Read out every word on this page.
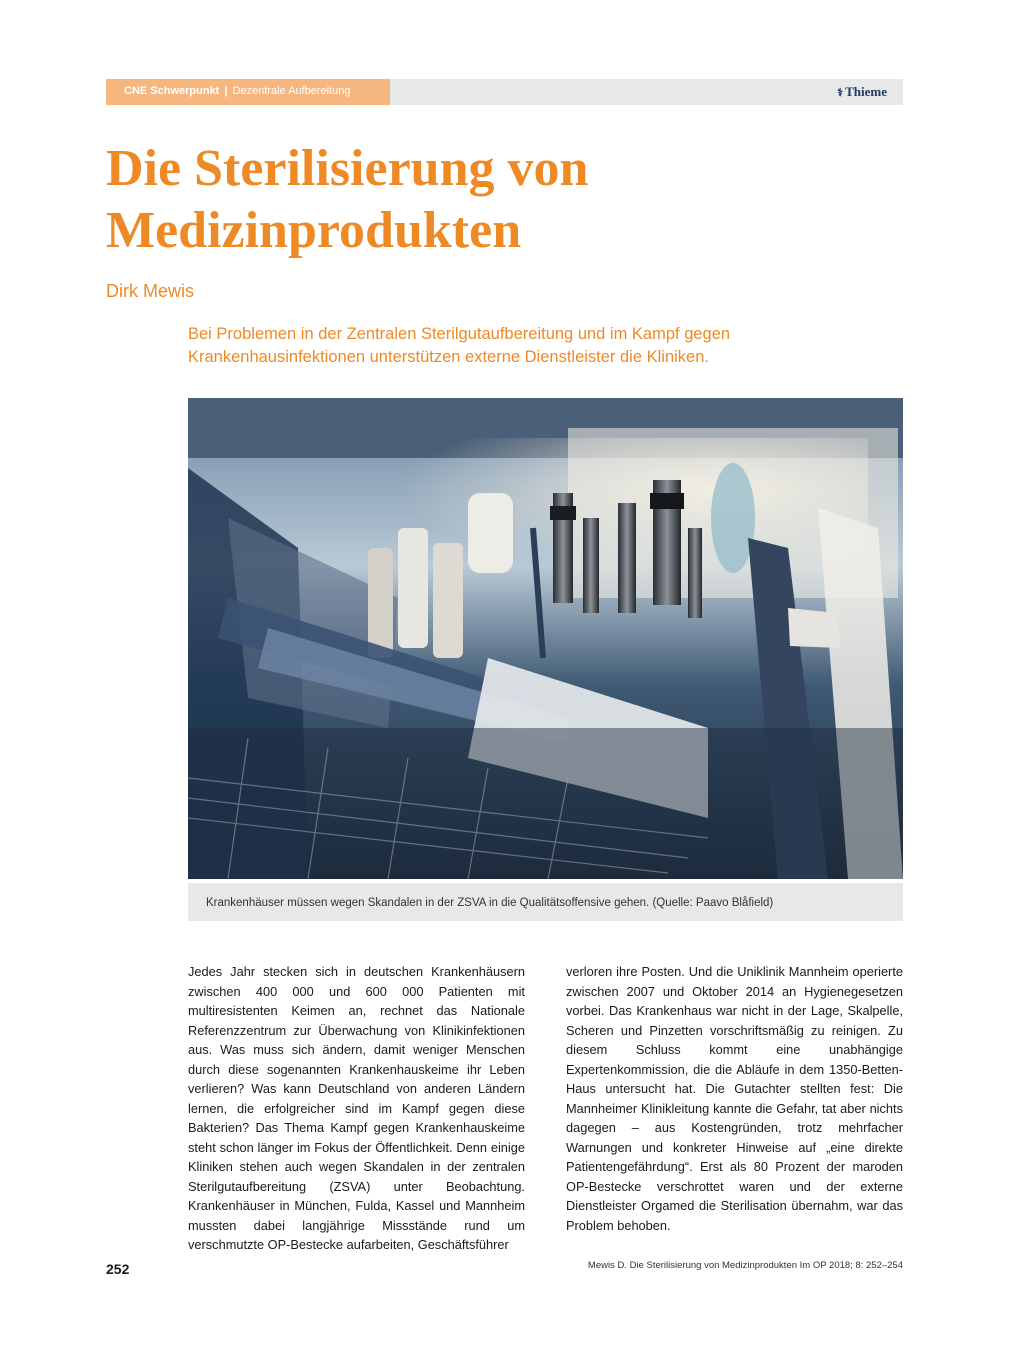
CNE Schwerpunkt | Dezentrale Aufbereitung	⚕ Thieme
Die Sterilisierung von
Medizinprodukten
Dirk Mewis
Bei Problemen in der Zentralen Sterilgutaufbereitung und im Kampf gegen
Krankenhausinfektionen unterstützen externe Dienstleister die Kliniken.
Krankenhäuser müssen wegen Skandalen in der ZSVA in die Qualitätsoffensive gehen. (Quelle: Paavo Blåfield)
Jedes Jahr stecken sich in deutschen Krankenhäusern zwischen 400 000 und 600 000 Patienten mit multiresistenten Keimen an, rechnet das Nationale Referenzzentrum zur Überwachung von Klinikinfektionen aus. Was muss sich ändern, damit weniger Menschen durch diese sogenannten Krankenhauskeime ihr Leben verlieren? Was kann Deutschland von anderen Ländern lernen, die erfolgreicher sind im Kampf gegen diese Bakterien? Das Thema Kampf gegen Krankenhauskeime steht schon länger im Fokus der Öffentlichkeit. Denn einige Kliniken stehen auch wegen Skandalen in der zentralen Sterilgutaufbereitung (ZSVA) unter Beobachtung. Krankenhäuser in München, Fulda, Kassel und Mannheim mussten dabei langjährige Missstände rund um verschmutzte OP-Bestecke aufarbeiten, Geschäftsführer
verloren ihre Posten. Und die Uniklinik Mannheim operierte zwischen 2007 und Oktober 2014 an Hygienegesetzen vorbei. Das Krankenhaus war nicht in der Lage, Skalpelle, Scheren und Pinzetten vorschriftsmäßig zu reinigen. Zu diesem Schluss kommt eine unabhängige Expertenkommission, die die Abläufe in dem 1350-Betten-Haus untersucht hat. Die Gutachter stellten fest: Die Mannheimer Klinikleitung kannte die Gefahr, tat aber nichts dagegen – aus Kostengründen, trotz mehrfacher Warnungen und konkreter Hinweise auf „eine direkte Patientengefährdung“. Erst als 80 Prozent der maroden OP-Bestecke verschrottet waren und der externe Dienstleister Orgamed die Sterilisation übernahm, war das Problem behoben.
252	Mewis D. Die Sterilisierung von Medizinprodukten Im OP 2018; 8: 252–254
